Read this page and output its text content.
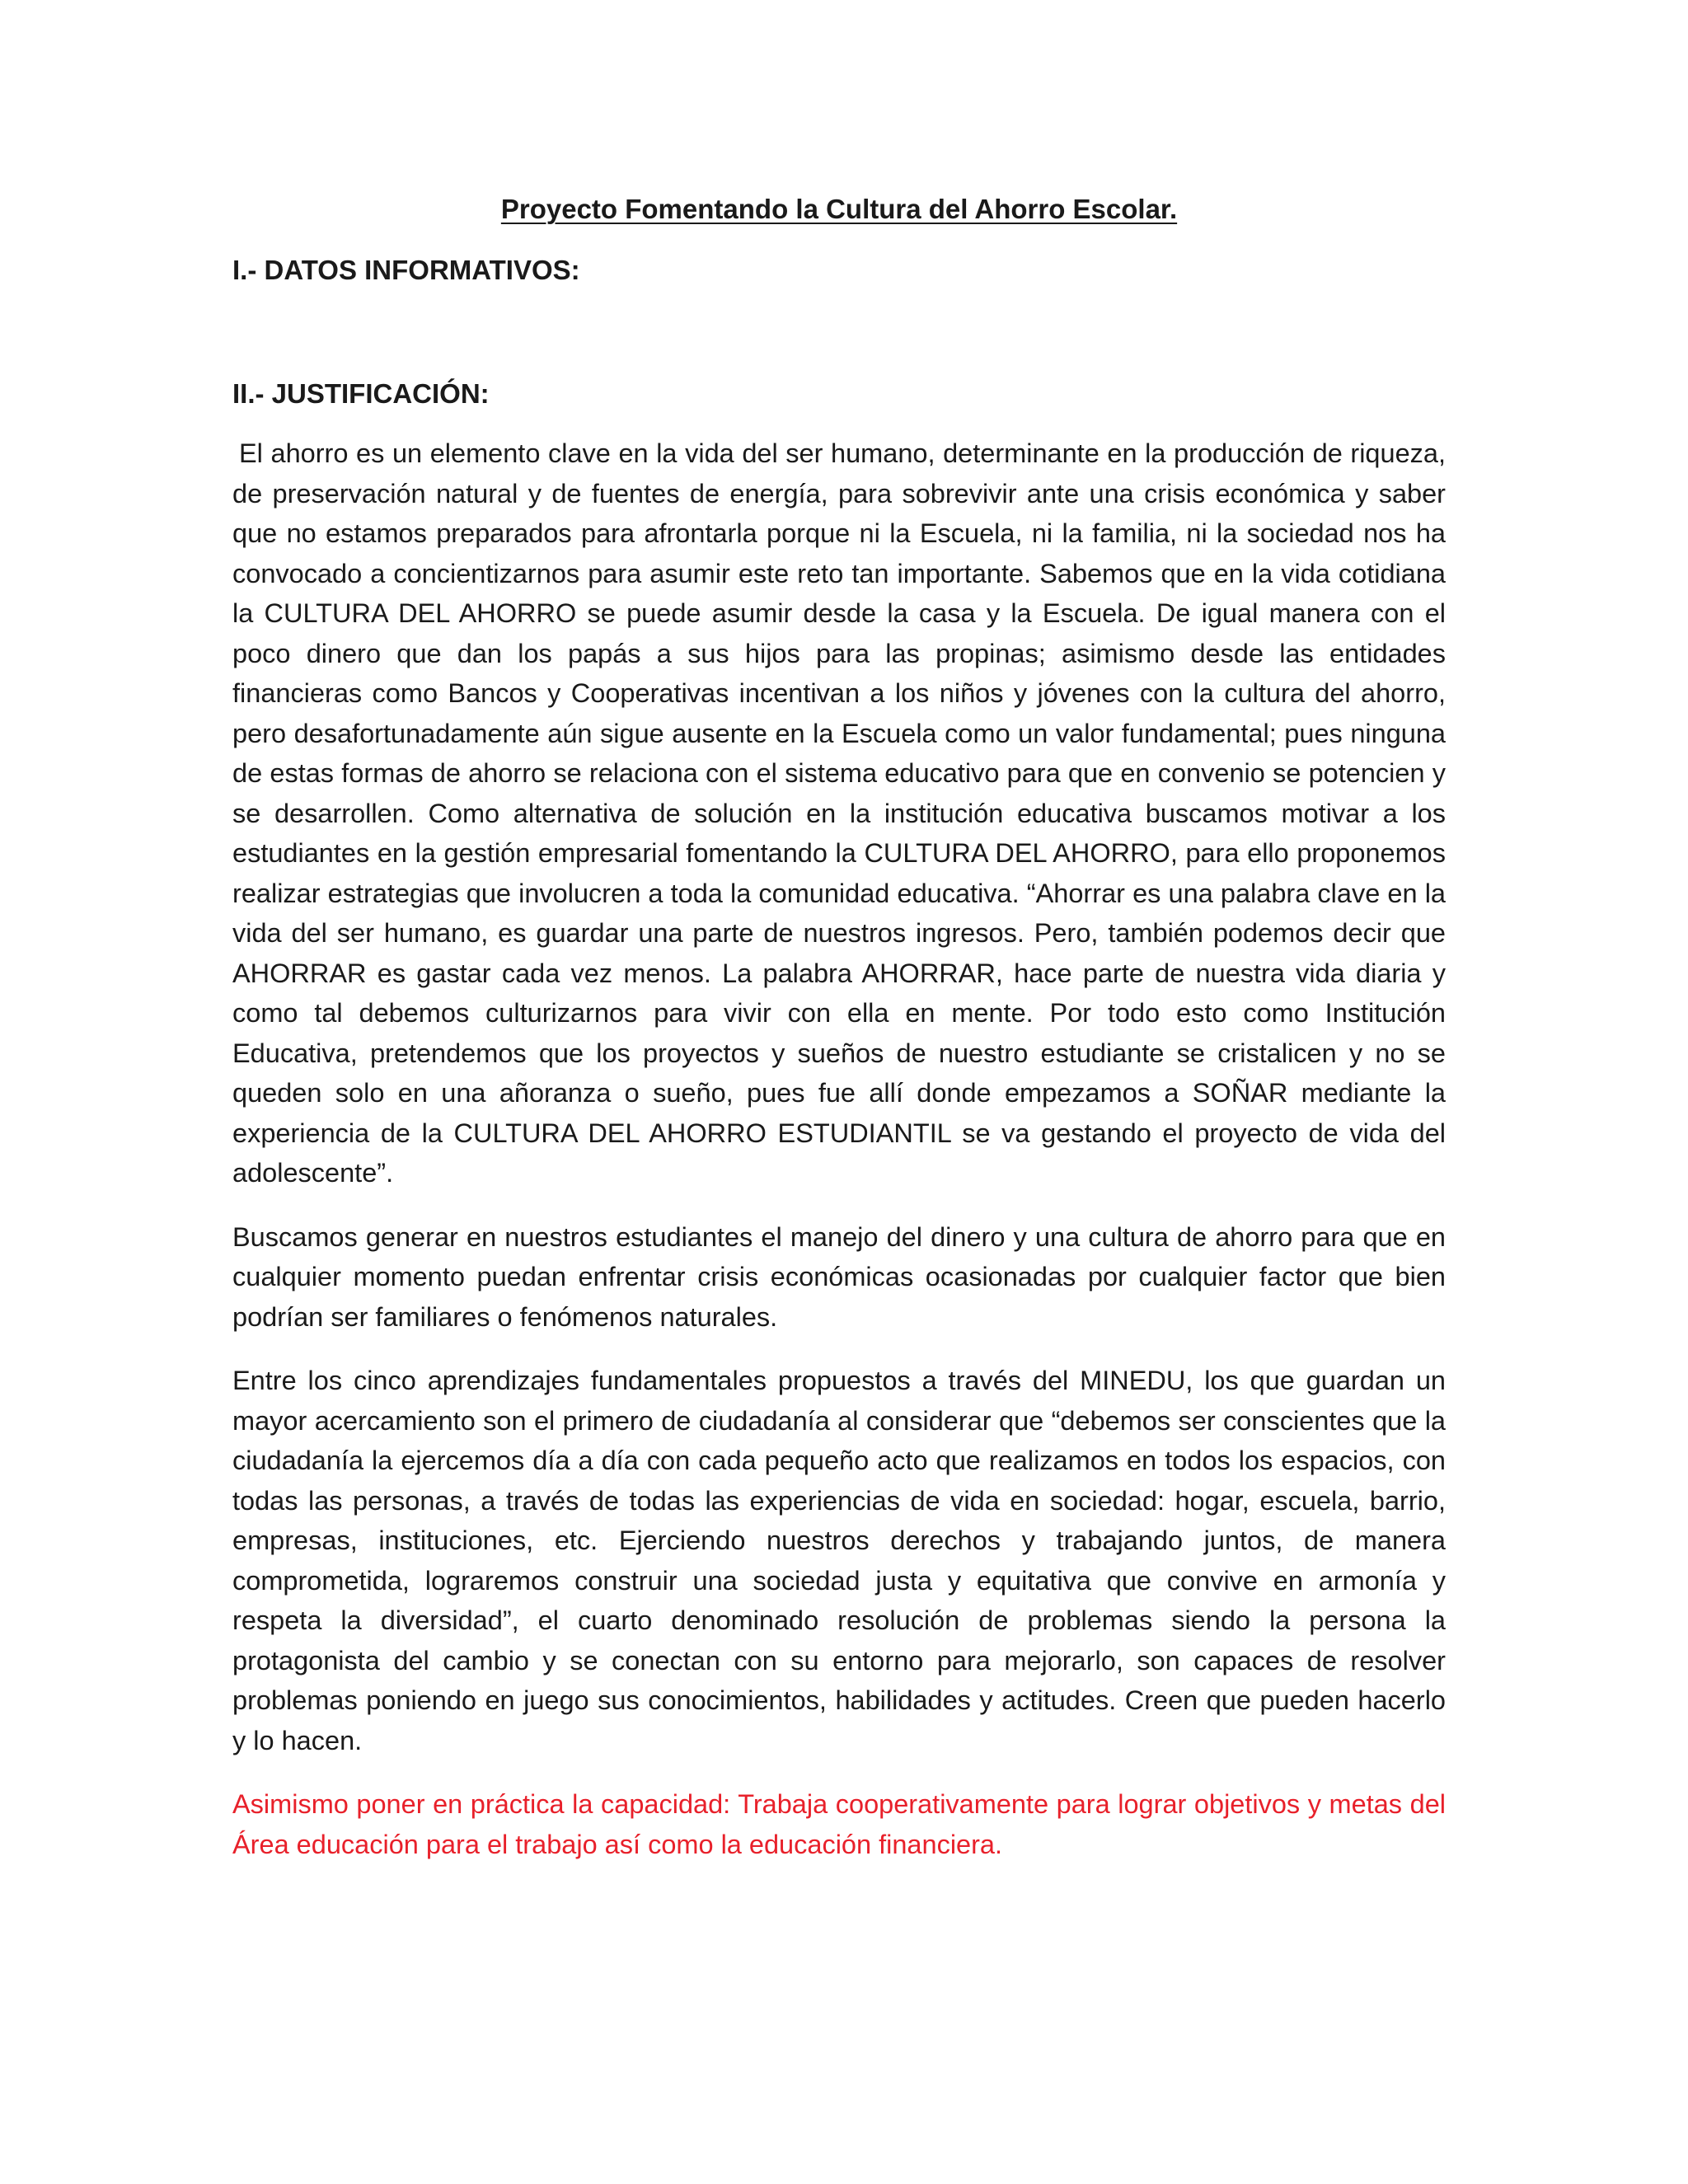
Proyecto Fomentando la Cultura del Ahorro Escolar.
I.- DATOS INFORMATIVOS:
II.- JUSTIFICACIÓN:

El ahorro es un elemento clave en la vida del ser humano, determinante en la producción de riqueza, de preservación natural y de fuentes de energía, para sobrevivir ante una crisis económica y saber que no estamos preparados para afrontarla porque ni la Escuela, ni la familia, ni la sociedad nos ha convocado a concientizarnos para asumir este reto tan importante. Sabemos que en la vida cotidiana la CULTURA DEL AHORRO se puede asumir desde la casa y la Escuela. De igual manera con el poco dinero que dan los papás a sus hijos para las propinas; asimismo desde las entidades financieras como Bancos y Cooperativas incentivan a los niños y jóvenes con la cultura del ahorro, pero desafortunadamente aún sigue ausente en la Escuela como un valor fundamental; pues ninguna de estas formas de ahorro se relaciona con el sistema educativo para que en convenio se potencien y se desarrollen. Como alternativa de solución en la institución educativa buscamos motivar a los estudiantes en la gestión empresarial fomentando la CULTURA DEL AHORRO, para ello proponemos realizar estrategias que involucren a toda la comunidad educativa. “Ahorrar es una palabra clave en la vida del ser humano, es guardar una parte de nuestros ingresos. Pero, también podemos decir que AHORRAR es gastar cada vez menos. La palabra AHORRAR, hace parte de nuestra vida diaria y como tal debemos culturizarnos para vivir con ella en mente. Por todo esto como Institución Educativa, pretendemos que los proyectos y sueños de nuestro estudiante se cristalicen y no se queden solo en una añoranza o sueño, pues fue allí donde empezamos a SOÑAR mediante la experiencia de la CULTURA DEL AHORRO ESTUDIANTIL se va gestando el proyecto de vida del adolescente”.

Buscamos generar en nuestros estudiantes el manejo del dinero y una cultura de ahorro para que en cualquier momento puedan enfrentar crisis económicas ocasionadas por cualquier factor que bien podrían ser familiares o fenómenos naturales.

Entre los cinco aprendizajes fundamentales propuestos a través del MINEDU, los que guardan un mayor acercamiento son el primero de ciudadanía al considerar que “debemos ser conscientes que la ciudadanía la ejercemos día a día con cada pequeño acto que realizamos en todos los espacios, con todas las personas, a través de todas las experiencias de vida en sociedad: hogar, escuela, barrio, empresas, instituciones, etc. Ejerciendo nuestros derechos y trabajando juntos, de manera comprometida, lograremos construir una sociedad justa y equitativa que convive en armonía y respeta la diversidad”, el cuarto denominado resolución de problemas siendo la persona la protagonista del cambio y se conectan con su entorno para mejorarlo, son capaces de resolver problemas poniendo en juego sus conocimientos, habilidades y actitudes. Creen que pueden hacerlo y lo hacen.

Asimismo poner en práctica la capacidad: Trabaja cooperativamente para lograr objetivos y metas del Área educación para el trabajo así como la educación financiera.
